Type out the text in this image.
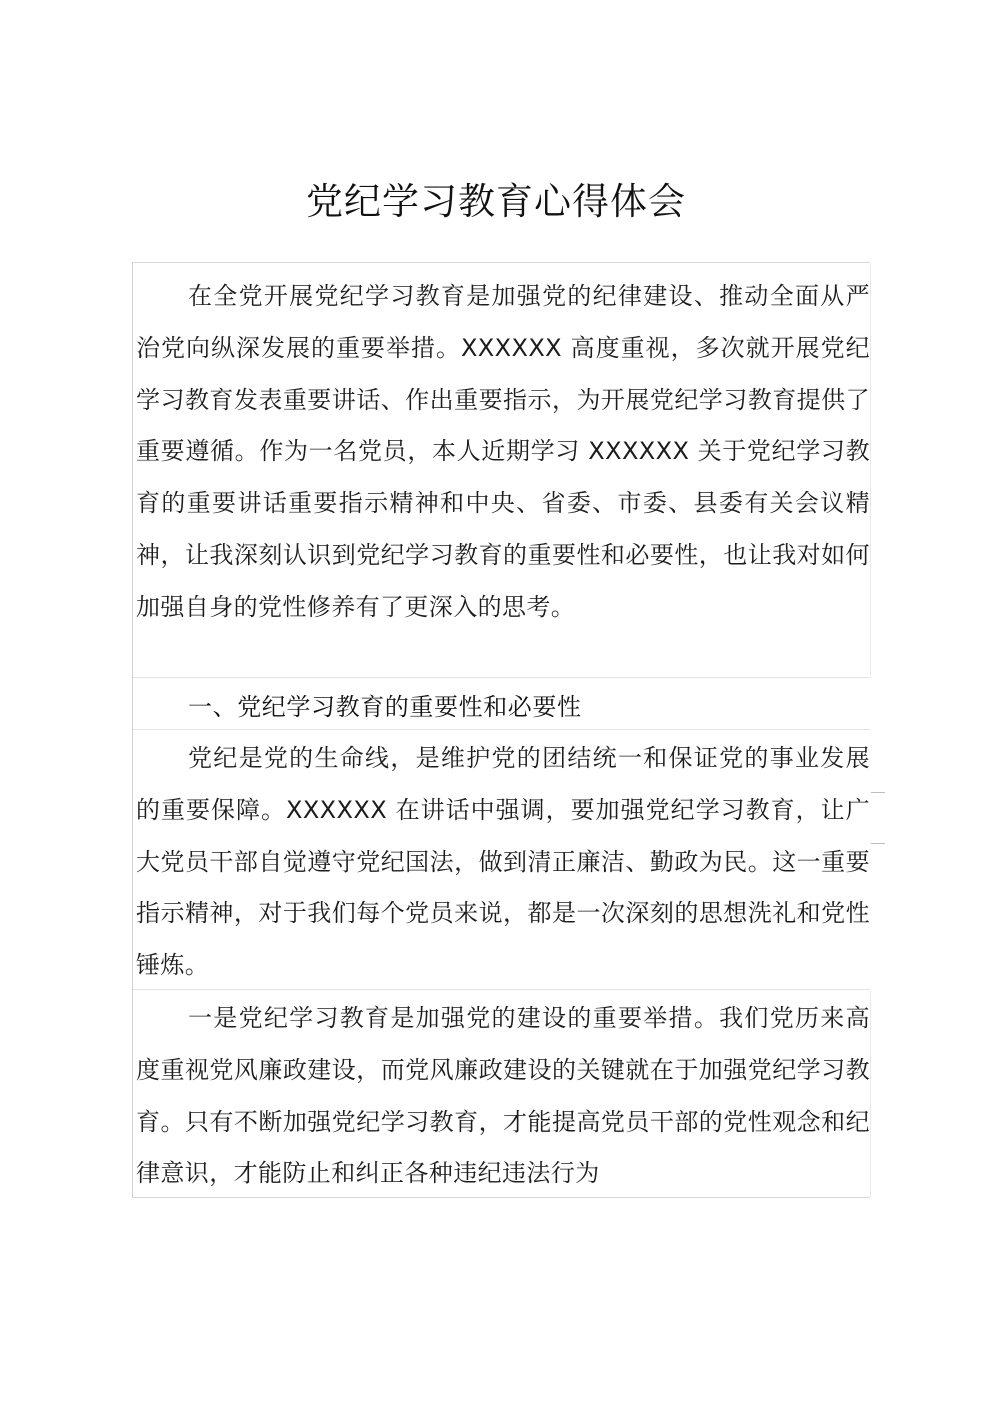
党纪学习教育心得体会

在全党开展党纪学习教育是加强党的纪律建设、推动全面从严治党向纵深发展的重要举措。XXXXXX 高度重视，多次就开展党纪学习教育发表重要讲话、作出重要指示，为开展党纪学习教育提供了重要遵循。作为一名党员，本人近期学习 XXXXXX 关于党纪学习教育的重要讲话重要指示精神和中央、省委、市委、县委有关会议精神，让我深刻认识到党纪学习教育的重要性和必要性，也让我对如何加强自身的党性修养有了更深入的思考。

一、党纪学习教育的重要性和必要性

党纪是党的生命线，是维护党的团结统一和保证党的事业发展的重要保障。XXXXXX 在讲话中强调，要加强党纪学习教育，让广大党员干部自觉遵守党纪国法，做到清正廉洁、勤政为民。这一重要指示精神，对于我们每个党员来说，都是一次深刻的思想洗礼和党性锤炼。

一是党纪学习教育是加强党的建设的重要举措。我们党历来高度重视党风廉政建设，而党风廉政建设的关键就在于加强党纪学习教育。只有不断加强党纪学习教育，才能提高党员干部的党性观念和纪律意识，才能防止和纠正各种违纪违法行为
